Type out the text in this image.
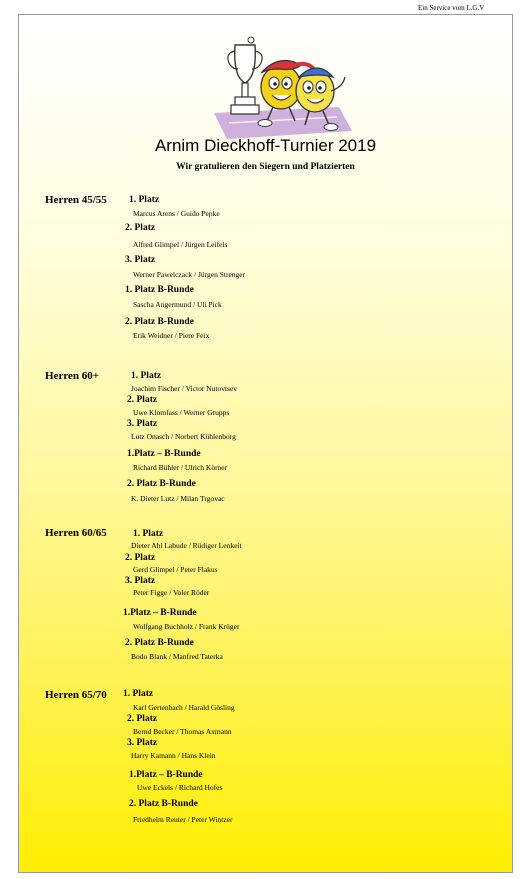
Ein Service vom L.G.V
Arnim Dieckhoff-Turnier 2019
Wir gratulieren den Siegern und Platzierten
Herren 45/55 1. Platz
Marcus Arens / Guido Pepke
2. Platz
Alfred Glimpel / Jürgen Leifels
3. Platz
Werner Pawelczack / Jürgen Strenger
1. Platz B-Runde
Sascha Angermund / Uli Pick
2. Platz B-Runde
Erik Weidner / Piere Feix
Herren 60+	1. Platz
Joachim Fischer / Victor Nutovtsev
2. Platz
Uwe Klomfass / Werner Grupps
3. Platz
Lutz Onasch / Norbert Kühlenborg
1.Platz – B-Runde
Richard Bühler / Ulrich Körner
2. Platz B-Runde
K. Dieter Lutz / Milan Trgovac
Herren 60/65	1. Platz
Dieter Ahl Labude / Rüdiger Lenkeit
2. Platz
Gerd Glimpel / Peter Flakus
3. Platz
Peter Figge / Voler Röder
1.Platz – B-Runde
Wolfgang Buchholz / Frank Krüger
2. Platz B-Runde
Bodo Blank / Manfred Taterka
Herren 65/70 1. Platz
Karl Gertenbach / Harald Gösling
2. Platz
Bernd Becker / Thomas Axmann
3. Platz
Harry Kamann / Hans Klein
1.Platz – B-Runde
Uwe Eckels / Richard Hofes
2. Platz B-Runde
Friedhelm Reuter / Peter Wintzer
